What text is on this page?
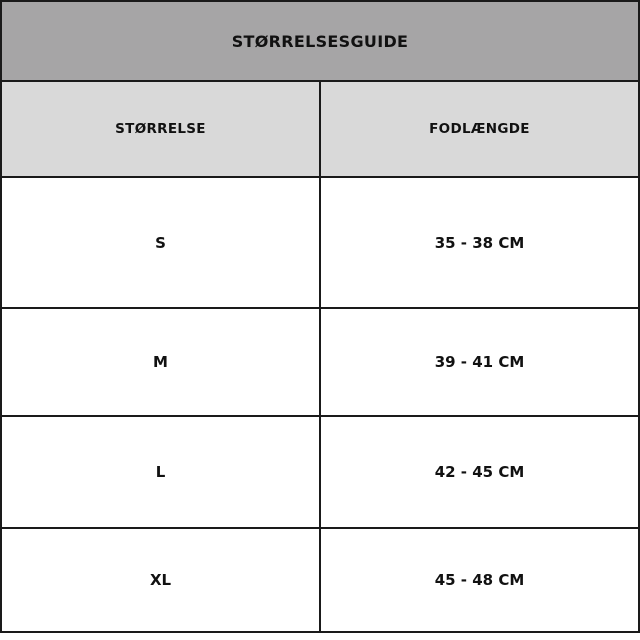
STØRRELSESGUIDE
STØRRELSE	FODLÆNGDE
S	35 - 38 CM
M	39 - 41 CM
L	42 - 45 CM
XL	45 - 48 CM
